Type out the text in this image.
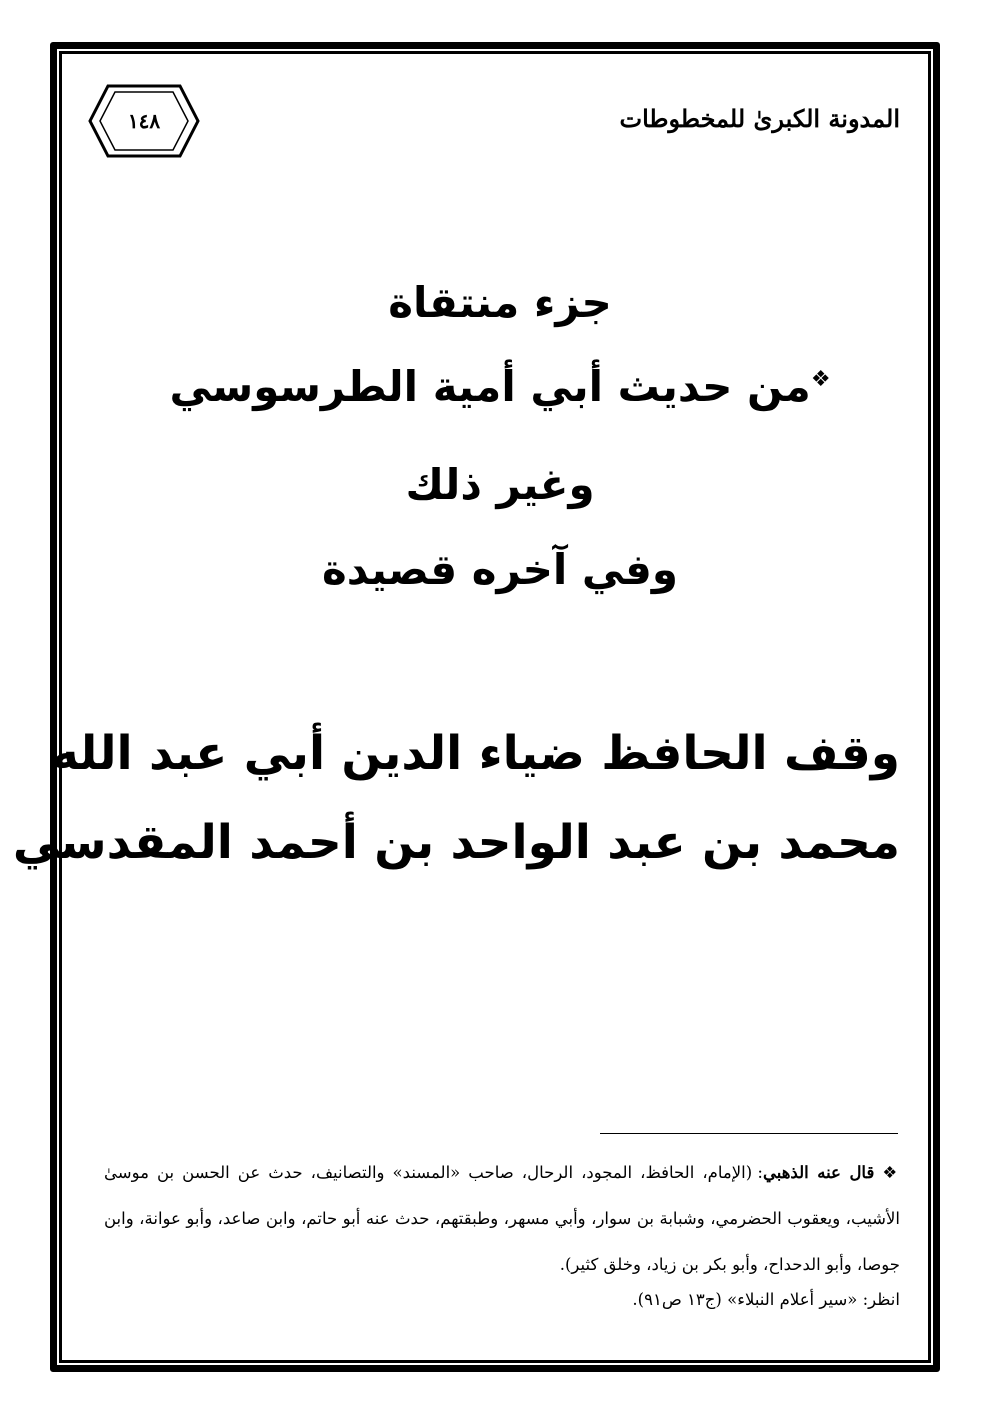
المدونة الكبرىٰ للمخطوطات
١٤٨
جزء منتقاة
❖من حديث أبي أمية الطرسوسي
وغير ذلك
وفي آخره قصيدة
وقف الحافظ ضياء الدين أبي عبد الله
محمد بن عبد الواحد بن أحمد المقدسي
❖ قال عنه الذهبي: (الإمام، الحافظ، المجود، الرحال، صاحب «المسند» والتصانيف، حدث عن الحسن بن موسىٰ الأشيب، ويعقوب الحضرمي، وشبابة بن سوار، وأبي مسهر، وطبقتهم، حدث عنه أبو حاتم، وابن صاعد، وأبو عوانة، وابن جوصا، وأبو الدحداح، وأبو بكر بن زياد، وخلق كثير).
انظر: «سير أعلام النبلاء» (ج١٣ ص٩١).
